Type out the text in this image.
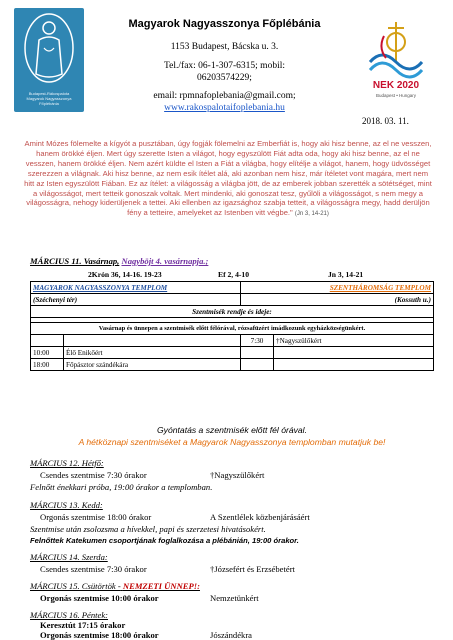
Budapest-Rákospalota
Magyarok Nagyasszonya
Főplébánia
Magyarok Nagyasszonya Főplébánia
1153 Budapest, Bácska u. 3.
Tel./fax: 06-1-307-6315; mobil:
06203574229;
email: rpmnafoplebania@gmail.com;
www.rakospalotaifoplebania.hu
NEK 2020
Budapest • Hungary
2018. 03. 11.
Amint Mózes fölemelte a kígyót a pusztában, úgy fogják fölemelni az Emberfiát is, hogy aki hisz benne, az el ne vesszen, hanem örökké éljen. Mert úgy szerette Isten a világot, hogy egyszülött Fiát adta oda, hogy aki hisz benne, az el ne vesszen, hanem örökké éljen. Nem azért küldte el Isten a Fiát a világba, hogy elítélje a világot, hanem, hogy üdvösséget szerezzen a világnak. Aki hisz benne, az nem esik ítélet alá, aki azonban nem hisz, már ítéletet vont magára, mert nem hitt az Isten egyszülött Fiában. Ez az ítélet: a világosság a világba jött, de az emberek jobban szerették a sötétséget, mint a világosságot, mert tetteik gonoszak voltak. Mert mindenki, aki gonoszat tesz, gyűlöli a világosságot, s nem megy a világosságra, nehogy kiderüljenek a tettei. Aki ellenben az igazsághoz szabja tetteit, a világosságra megy, hadd derüljön fény a tetteire, amelyeket az Istenben vitt végbe." (Jn 3, 14-21)
MÁRCIUS 11. Vasárnap, Nagyböjt 4. vasárnapja.;
2Krón 36, 14-16. 19-23	Ef 2, 4-10	Jn 3, 14-21
MAGYAROK NAGYASSZONYA TEMPLOM		SZENTHÁROMSÁG TEMPLOM	
(Széchenyi tér)		(Kossuth u.)	
Szentmisék rendje és ideje:			

Vasárnap és ünnepen a szentmisék előtt félórával, rózsafüzért imádkozunk egyházközségünkért.			
		7:30	†Nagyszülőkért
10:00	Élő Enikőért		
18:00	Főpásztor szándékára		
Gyóntatás a szentmisék előtt fél órával.
A hétköznapi szentmiséket a Magyarok Nagyasszonya templomban mutatjuk be!
MÁRCIUS 12. Hétfő:
Csendes szentmise 7:30 órakor	†Nagyszülőkért
Felnőtt énekkari próba, 19:00 órakor a templomban.
MÁRCIUS 13. Kedd:
Orgonás szentmise 18:00 órakor	A Szentlélek közbenjárásáért
Szentmise után zsolozsma a hívekkel, papi és szerzetesi hivatásokért.
Felnőttek Katekumen csoportjának foglalkozása a plébánián, 19:00 órakor.
MÁRCIUS 14. Szerda:
Csendes szentmise 7:30 órakor	†Józsefért és Erzsébetért
MÁRCIUS 15. Csütörtök - NEMZETI ÜNNEP!:
Orgonás szentmise 10:00 órakor	Nemzetünkért
MÁRCIUS 16. Péntek:
Keresztút 17:15 órakor
Orgonás szentmise 18:00 órakor	Jószándékra
